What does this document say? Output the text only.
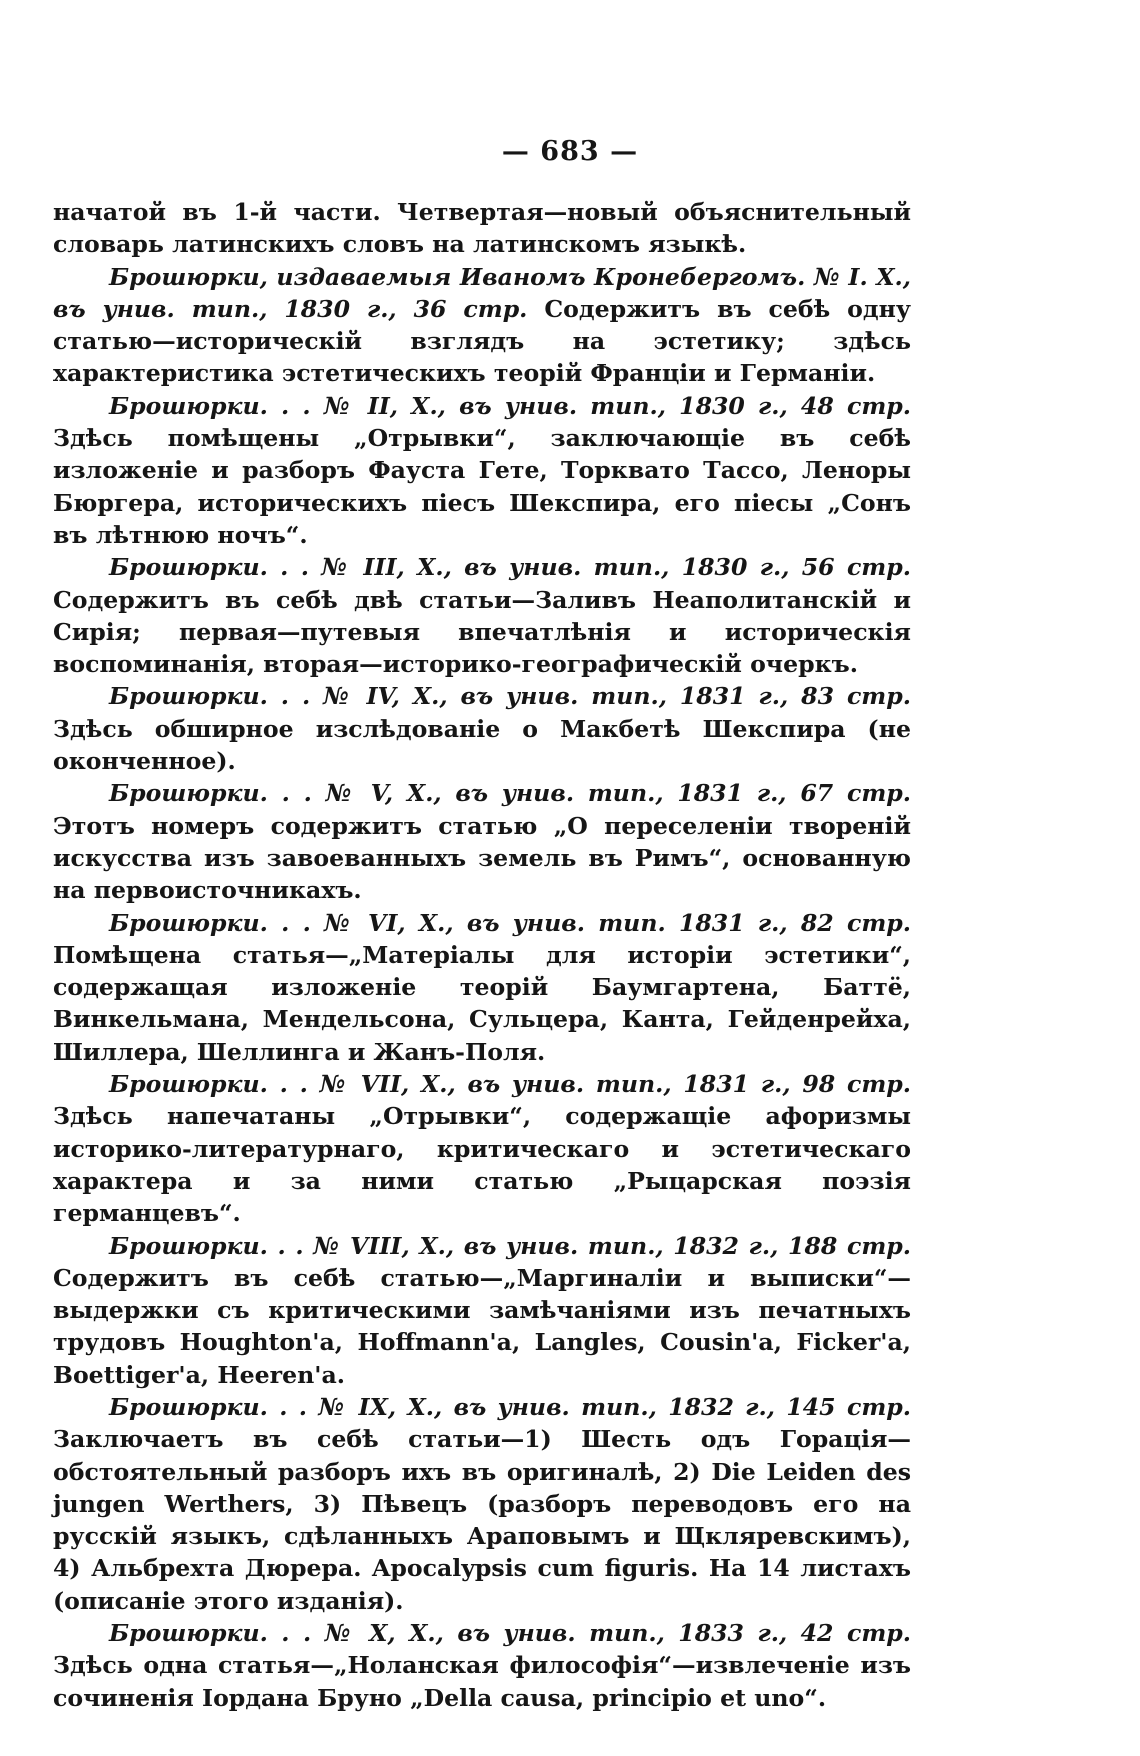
— 683 —

начатой въ 1-й части. Четвертая—новый объяснительный словарь латинскихъ словъ на латинскомъ языкѣ.

Брошюрки, издаваемыя Иваномъ Кронебергомъ. № I. X., въ унив. тип., 1830 г., 36 стр. Содержитъ въ себѣ одну статью—историческій взглядъ на эстетику; здѣсь характеристика эстетическихъ теорій Франціи и Германіи.

Брошюрки. . . № II, X., въ унив. тип., 1830 г., 48 стр. Здѣсь помѣщены „Отрывки“, заключающіе въ себѣ изложеніе и разборъ Фауста Гете, Торквато Тассо, Леноры Бюргера, историческихъ піесъ Шекспира, его піесы „Сонъ въ лѣтнюю ночъ“.

Брошюрки. . . № III, X., въ унив. тип., 1830 г., 56 стр. Содержитъ въ себѣ двѣ статьи—Заливъ Неаполитанскій и Сирія; первая—путевыя впечатлѣнія и историческія воспоминанія, вторая—историко-географическій очеркъ.

Брошюрки. . . № IV, X., въ унив. тип., 1831 г., 83 стр. Здѣсь обширное изслѣдованіе о Макбетѣ Шекспира (не оконченное).

Брошюрки. . . № V, X., въ унив. тип., 1831 г., 67 стр. Этотъ номеръ содержитъ статью „О переселеніи твореній искусства изъ завоеванныхъ земель въ Римъ“, основанную на первоисточникахъ.

Брошюрки. . . № VI, X., въ унив. тип. 1831 г., 82 стр. Помѣщена статья—„Матеріалы для исторіи эстетики“, содержащая изложеніе теорій Баумгартена, Баттё, Винкельмана, Мендельсона, Сульцера, Канта, Гейденрейха, Шиллера, Шеллинга и Жанъ-Поля.

Брошюрки. . . № VII, X., въ унив. тип., 1831 г., 98 стр. Здѣсь напечатаны „Отрывки“, содержащіе афоризмы историко-литературнаго, критическаго и эстетическаго характера и за ними статью „Рыцарская поэзія германцевъ“.

Брошюрки. . . № VIII, X., въ унив. тип., 1832 г., 188 стр. Содержитъ въ себѣ статью—„Маргиналіи и выписки“—выдержки съ критическими замѣчаніями изъ печатныхъ трудовъ Houghton'a, Hoffmann'a, Langles, Cousin'a, Ficker'a, Boettiger'a, Heeren'a.

Брошюрки. . . № IX, X., въ унив. тип., 1832 г., 145 стр. Заключаетъ въ себѣ статьи—1) Шесть одъ Горація—обстоятельный разборъ ихъ въ оригиналѣ, 2) Die Leiden des jungen Werthers, 3) Пѣвецъ (разборъ переводовъ его на русскій языкъ, сдѣланныхъ Араповымъ и Щкляревскимъ), 4) Альбрехта Дюрера. Apocalypsis cum figuris. На 14 листахъ (описаніе этого изданія).

Брошюрки. . . № X, X., въ унив. тип., 1833 г., 42 стр. Здѣсь одна статья—„Ноланская философія“—извлеченіе изъ сочиненія Іордана Бруно „Della causa, principio et uno“.
